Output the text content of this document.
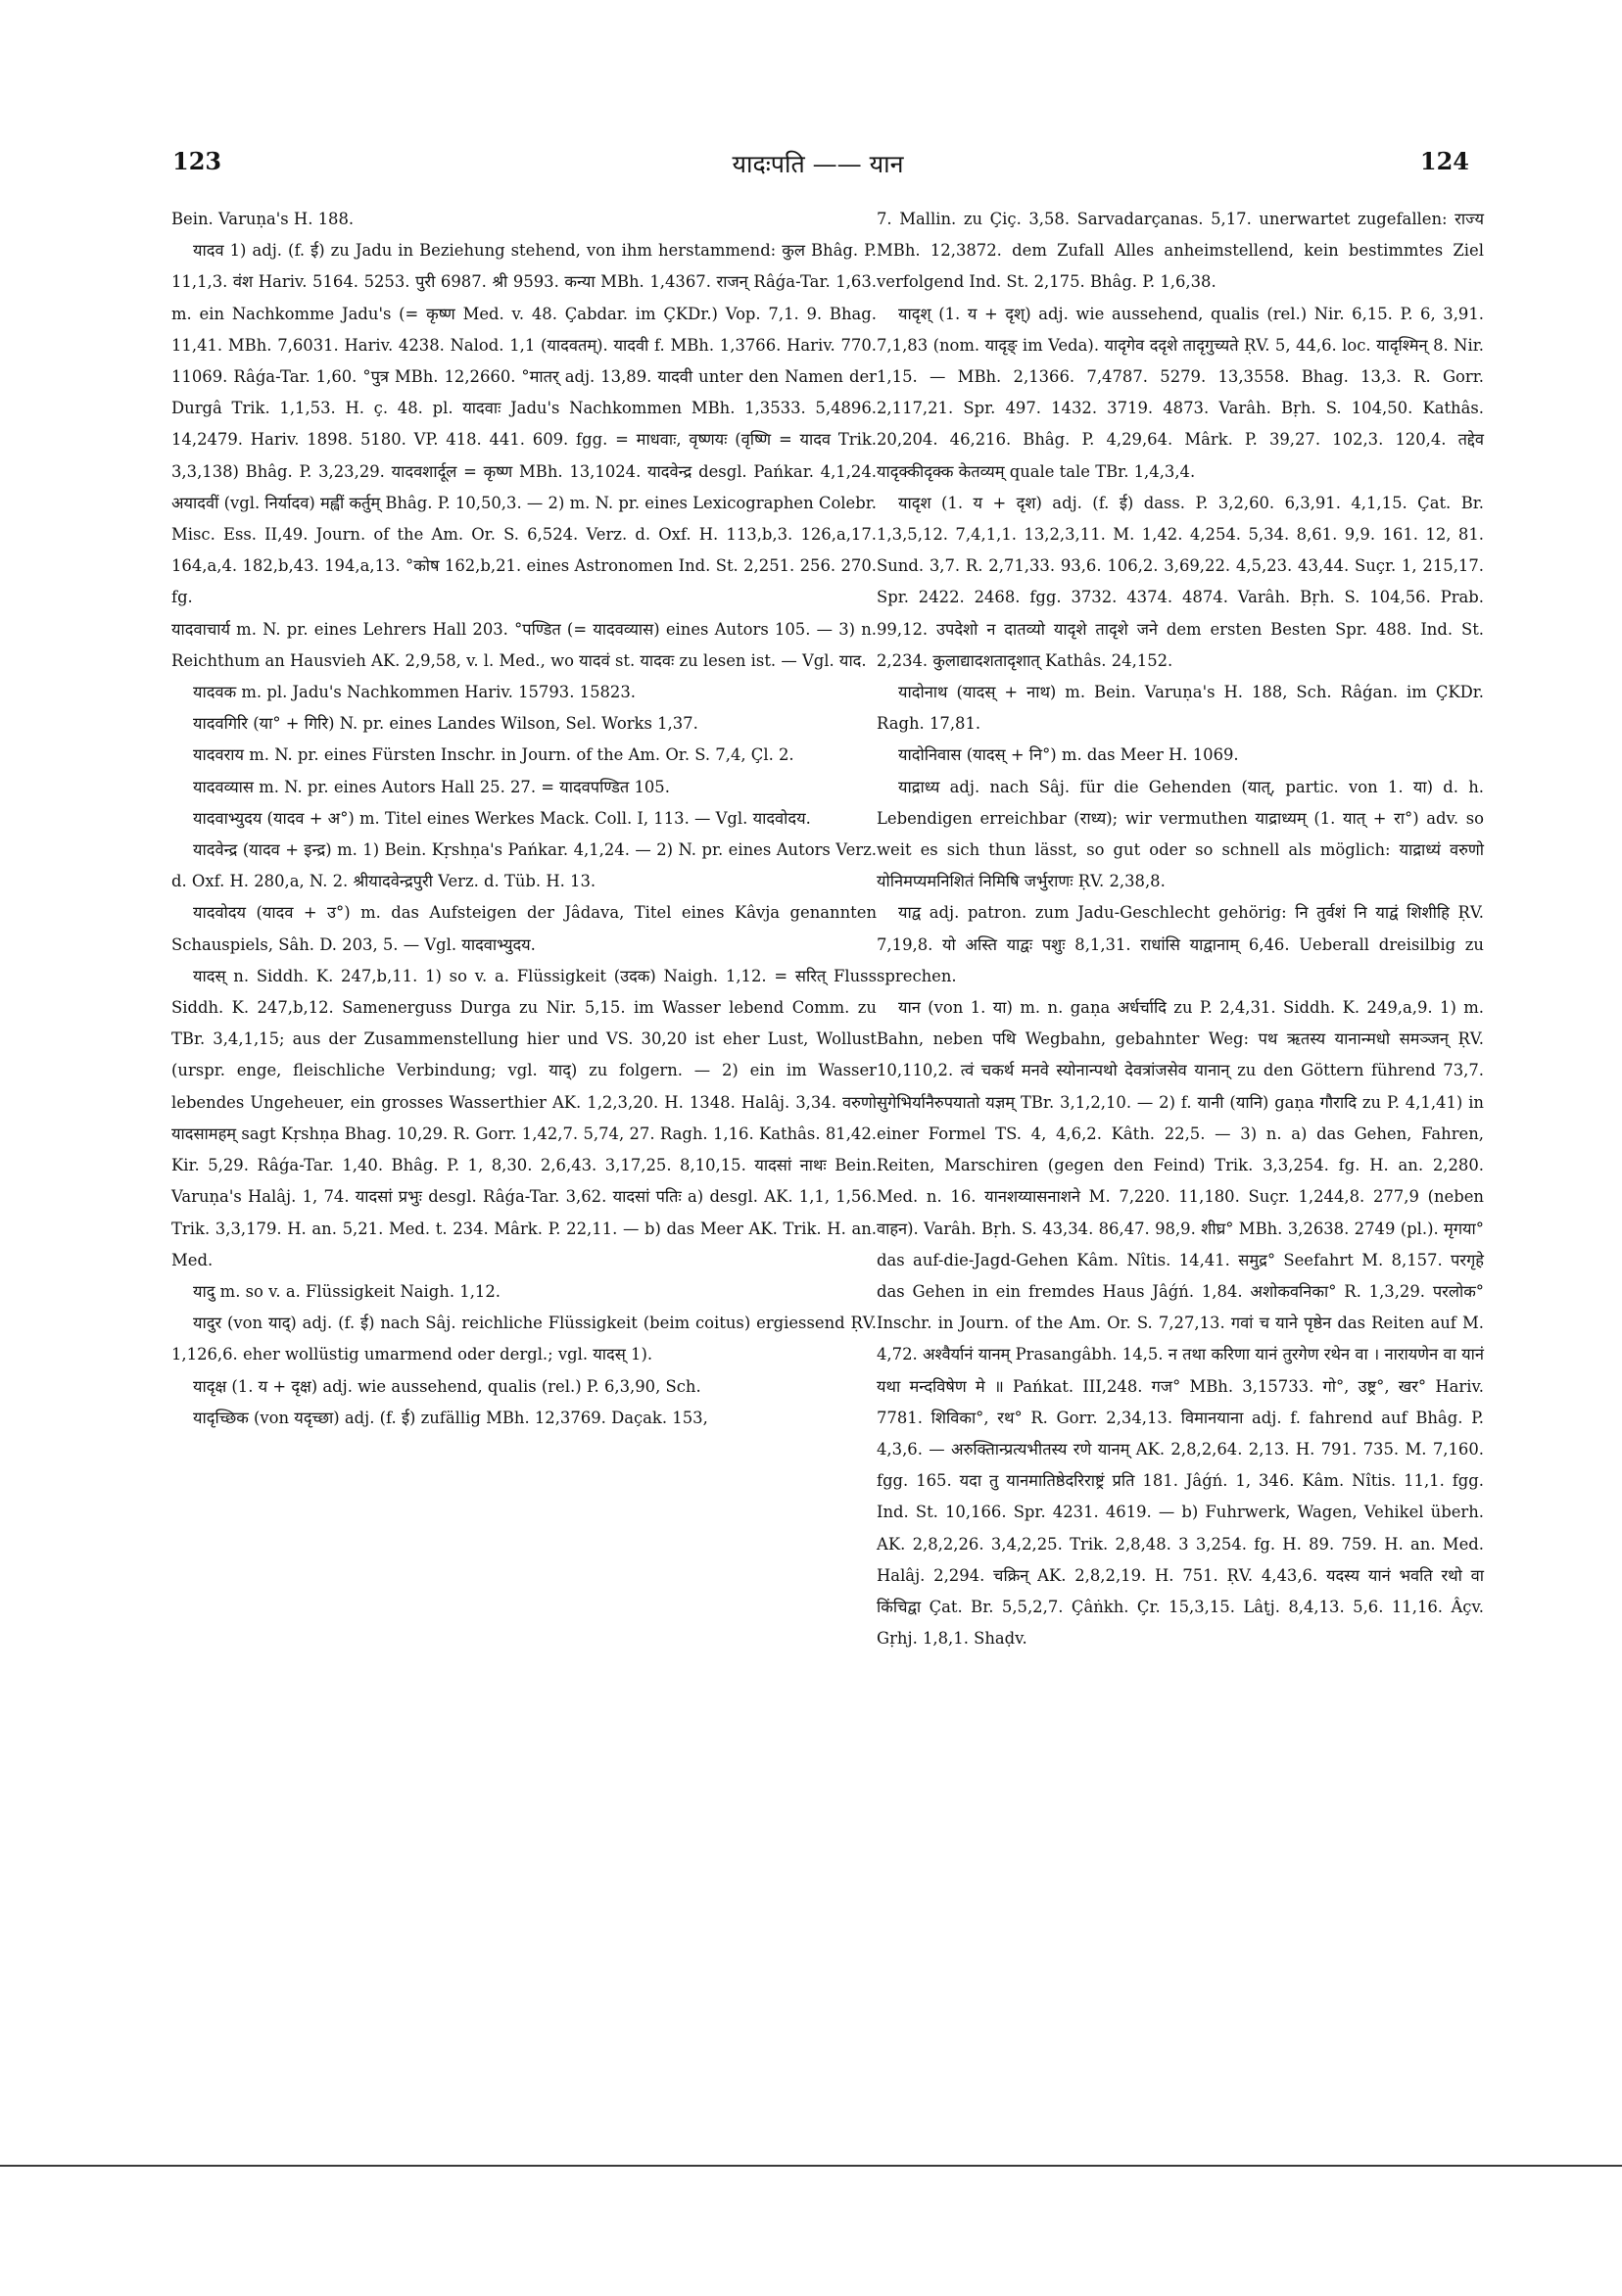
123	यादःपति —— यान	124

Bein. Varuṇa's H. 188.

यादव 1) adj. (f. ई) zu Jadu in Beziehung stehend, von ihm herstammend: कुल Bhâg. P. 11,1,3. वंश Hariv. 5164. 5253. पुरी 6987. श्री 9593. कन्या MBh. 1,4367. राजन् Râǵa-Tar. 1,63. m. ein Nachkomme Jadu's (= कृष्ण Med. v. 48. Çabdar. im ÇKDr.) Vop. 7,1. 9. Bhag. 11,41. MBh. 7,6031. Hariv. 4238. Nalod. 1,1 (यादवतम्). यादवी f. MBh. 1,3766. Hariv. 770. 11069. Râǵa-Tar. 1,60. °पुत्र MBh. 12,2660. °मातर् adj. 13,89. यादवी unter den Namen der Durgâ Trik. 1,1,53. H. ç. 48. pl. यादवाः Jadu's Nachkommen MBh. 1,3533. 5,4896. 14,2479. Hariv. 1898. 5180. VP. 418. 441. 609. fgg. = माधवाः, वृष्णयः (वृष्णि = यादव Trik. 3,3,138) Bhâg. P. 3,23,29. यादवशार्दूल = कृष्ण MBh. 13,1024. यादवेन्द्र desgl. Pańkar. 4,1,24. अयादवीं (vgl. निर्यादव) मह्वीं कर्तुम् Bhâg. P. 10,50,3. — 2) m. N. pr. eines Lexicographen Colebr. Misc. Ess. II,49. Journ. of the Am. Or. S. 6,524. Verz. d. Oxf. H. 113,b,3. 126,a,17. 164,a,4. 182,b,43. 194,a,13. °कोष 162,b,21. eines Astronomen Ind. St. 2,251. 256. 270. fg.

यादवाचार्य m. N. pr. eines Lehrers Hall 203. °पण्डित (= यादवव्यास) eines Autors 105. — 3) n. Reichthum an Hausvieh AK. 2,9,58, v. l. Med., wo यादवं st. यादवः zu lesen ist. — Vgl. याद.

यादवक m. pl. Jadu's Nachkommen Hariv. 15793. 15823.

यादवगिरि (या° + गिरि) N. pr. eines Landes Wilson, Sel. Works 1,37.

यादवराय m. N. pr. eines Fürsten Inschr. in Journ. of the Am. Or. S. 7,4, Çl. 2.

यादवव्यास m. N. pr. eines Autors Hall 25. 27. = यादवपण्डित 105.

यादवाभ्युदय (यादव + अ°) m. Titel eines Werkes Mack. Coll. I, 113. — Vgl. यादवोदय.

यादवेन्द्र (यादव + इन्द्र) m. 1) Bein. Kṛshṇa's Pańkar. 4,1,24. — 2) N. pr. eines Autors Verz. d. Oxf. H. 280,a, N. 2. श्रीयादवेन्द्रपुरी Verz. d. Tüb. H. 13.

यादवोदय (यादव + उ°) m. das Aufsteigen der Jâdava, Titel eines Kâvja genannten Schauspiels, Sâh. D. 203, 5. — Vgl. यादवाभ्युदय.

यादस् n. Siddh. K. 247,b,11. 1) so v. a. Flüssigkeit (उदक) Naigh. 1,12. = सरित् Fluss Siddh. K. 247,b,12. Samenerguss Durga zu Nir. 5,15. im Wasser lebend Comm. zu TBr. 3,4,1,15; aus der Zusammenstellung hier und VS. 30,20 ist eher Lust, Wollust (urspr. enge, fleischliche Verbindung; vgl. याद्) zu folgern. — 2) ein im Wasser lebendes Ungeheuer, ein grosses Wasserthier AK. 1,2,3,20. H. 1348. Halâj. 3,34. वरुणो यादसामहम् sagt Kṛshṇa Bhag. 10,29. R. Gorr. 1,42,7. 5,74, 27. Ragh. 1,16. Kathâs. 81,42. Kir. 5,29. Râǵa-Tar. 1,40. Bhâg. P. 1, 8,30. 2,6,43. 3,17,25. 8,10,15. यादसां नाथः Bein. Varuṇa's Halâj. 1, 74. यादसां प्रभुः desgl. Râǵa-Tar. 3,62. यादसां पतिः a) desgl. AK. 1,1, 1,56. Trik. 3,3,179. H. an. 5,21. Med. t. 234. Mârk. P. 22,11. — b) das Meer AK. Trik. H. an. Med.

यादु m. so v. a. Flüssigkeit Naigh. 1,12.

यादुर (von याद्) adj. (f. ई) nach Sâj. reichliche Flüssigkeit (beim coitus) ergiessend ṚV. 1,126,6. eher wollüstig umarmend oder dergl.; vgl. यादस् 1).

यादृक्ष (1. य + दृक्ष) adj. wie aussehend, qualis (rel.) P. 6,3,90, Sch.

यादृच्छिक (von यदृच्छा) adj. (f. ई) zufällig MBh. 12,3769. Daçak. 153,

7. Mallin. zu Çiç. 3,58. Sarvadarçanas. 5,17. unerwartet zugefallen: राज्य MBh. 12,3872. dem Zufall Alles anheimstellend, kein bestimmtes Ziel verfolgend Ind. St. 2,175. Bhâg. P. 1,6,38.

यादृश् (1. य + दृश्) adj. wie aussehend, qualis (rel.) Nir. 6,15. P. 6, 3,91. 7,1,83 (nom. यादृङ् im Veda). यादृगेव ददृशे तादृगुच्यते ṚV. 5, 44,6. loc. यादृश्मिन् 8. Nir. 1,15. — MBh. 2,1366. 7,4787. 5279. 13,3558. Bhag. 13,3. R. Gorr. 2,117,21. Spr. 497. 1432. 3719. 4873. Varâh. Bṛh. S. 104,50. Kathâs. 20,204. 46,216. Bhâg. P. 4,29,64. Mârk. P. 39,27. 102,3. 120,4. तद्देव यादृक्कीदृक्क केतव्यम् quale tale TBr. 1,4,3,4.

यादृश (1. य + दृश) adj. (f. ई) dass. P. 3,2,60. 6,3,91. 4,1,15. Çat. Br. 1,3,5,12. 7,4,1,1. 13,2,3,11. M. 1,42. 4,254. 5,34. 8,61. 9,9. 161. 12, 81. Sund. 3,7. R. 2,71,33. 93,6. 106,2. 3,69,22. 4,5,23. 43,44. Suçr. 1, 215,17. Spr. 2422. 2468. fgg. 3732. 4374. 4874. Varâh. Bṛh. S. 104,56. Prab. 99,12. उपदेशो न दातव्यो यादृशे तादृशे जने dem ersten Besten Spr. 488. Ind. St. 2,234. कुलाद्यादशतादृशात् Kathâs. 24,152.

यादोनाथ (यादस् + नाथ) m. Bein. Varuṇa's H. 188, Sch. Râǵan. im ÇKDr. Ragh. 17,81.

यादोनिवास (यादस् + नि°) m. das Meer H. 1069.

याद्राध्य adj. nach Sâj. für die Gehenden (यात्, partic. von 1. या) d. h. Lebendigen erreichbar (राध्य); wir vermuthen याद्राध्यम् (1. यात् + रा°) adv. so weit es sich thun lässt, so gut oder so schnell als möglich: याद्राध्यं वरुणो योनिमप्यमनिशितं निमिषि जर्भुराणः ṚV. 2,38,8.

याद्व adj. patron. zum Jadu-Geschlecht gehörig: नि तुर्वशं नि याद्वं शिशीहि ṚV. 7,19,8. यो अस्ति याद्वः पशुः 8,1,31. राधांसि याद्वानाम् 6,46. Ueberall dreisilbig zu sprechen.

यान (von 1. या) m. n. gaṇa अर्धर्चादि zu P. 2,4,31. Siddh. K. 249,a,9. 1) m. Bahn, neben पथि Wegbahn, gebahnter Weg: पथ ऋतस्य यानान्मधो समञ्जन् ṚV. 10,110,2. त्वं चकर्थ मनवे स्योनान्पथो देवत्रांजसेव यानान् zu den Göttern führend 73,7. सुगेभिर्यानैरुपयातो यज्ञम् TBr. 3,1,2,10. — 2) f. यानी (यानि) gaṇa गौरादि zu P. 4,1,41) in einer Formel TS. 4, 4,6,2. Kâth. 22,5. — 3) n. a) das Gehen, Fahren, Reiten, Marschiren (gegen den Feind) Trik. 3,3,254. fg. H. an. 2,280. Med. n. 16. यानशय्यासनाशने M. 7,220. 11,180. Suçr. 1,244,8. 277,9 (neben वाहन). Varâh. Bṛh. S. 43,34. 86,47. 98,9. शीघ्र° MBh. 3,2638. 2749 (pl.). मृगया° das auf-die-Jagd-Gehen Kâm. Nîtis. 14,41. समुद्र° Seefahrt M. 8,157. परगृहे das Gehen in ein fremdes Haus Jâǵń. 1,84. अशोकवनिका° R. 1,3,29. परलोक° Inschr. in Journ. of the Am. Or. S. 7,27,13. गवां च याने पृष्ठेन das Reiten auf M. 4,72. अश्वैर्यानं यानम् Prasangâbh. 14,5. न तथा करिणा यानं तुरगेण रथेन वा । नारायणेन वा यानं यथा मन्दविषेण मे ॥ Pańkat. III,248. गज° MBh. 3,15733. गो°, उष्ट्र°, खर° Hariv. 7781. शिविका°, रथ° R. Gorr. 2,34,13. विमानयाना adj. f. fahrend auf Bhâg. P. 4,3,6. — अरुक्तिान्प्रत्यभीतस्य रणे यानम् AK. 2,8,2,64. 2,13. H. 791. 735. M. 7,160. fgg. 165. यदा तु यानमातिष्ठेदरिराष्ट्रं प्रति 181. Jâǵń. 1, 346. Kâm. Nîtis. 11,1. fgg. Ind. St. 10,166. Spr. 4231. 4619. — b) Fuhrwerk, Wagen, Vehikel überh. AK. 2,8,2,26. 3,4,2,25. Trik. 2,8,48. 3 3,254. fg. H. 89. 759. H. an. Med. Halâj. 2,294. चक्रिन् AK. 2,8,2,19. H. 751. ṚV. 4,43,6. यदस्य यानं भवति रथो वा किंचिद्वा Çat. Br. 5,5,2,7. Çâṅkh. Çr. 15,3,15. Lâṭj. 8,4,13. 5,6. 11,16. Âçv. Gṛhj. 1,8,1. Shaḍv.
